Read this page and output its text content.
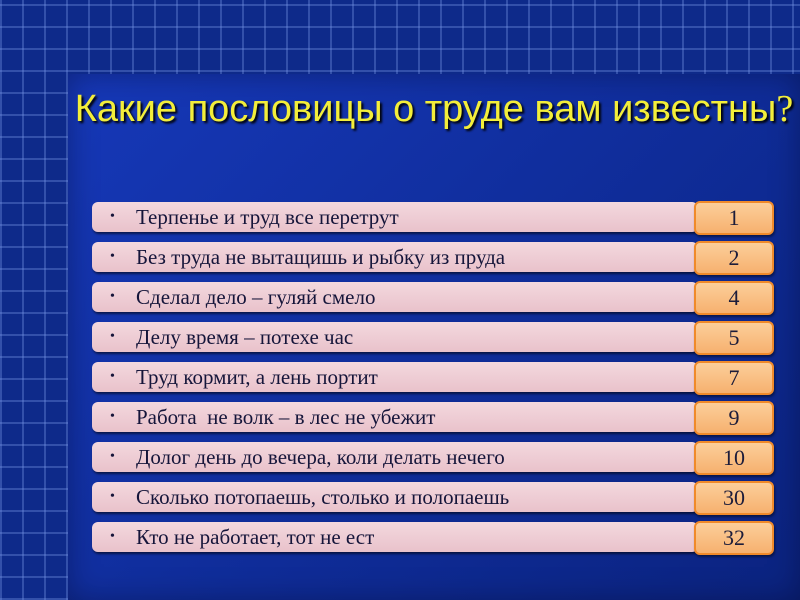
Какие пословицы о труде вам известны?
• Терпенье и труд все перетрут	1
• Без труда не вытащишь и рыбку из пруда	2
• Сделал дело – гуляй смело	4
• Делу время – потехе час	5
• Труд кормит, а лень портит	7
• Работа  не волк – в лес не убежит	9
• Долог день до вечера, коли делать нечего	10
• Сколько потопаешь, столько и полопаешь	30
• Кто не работает, тот не ест	32
